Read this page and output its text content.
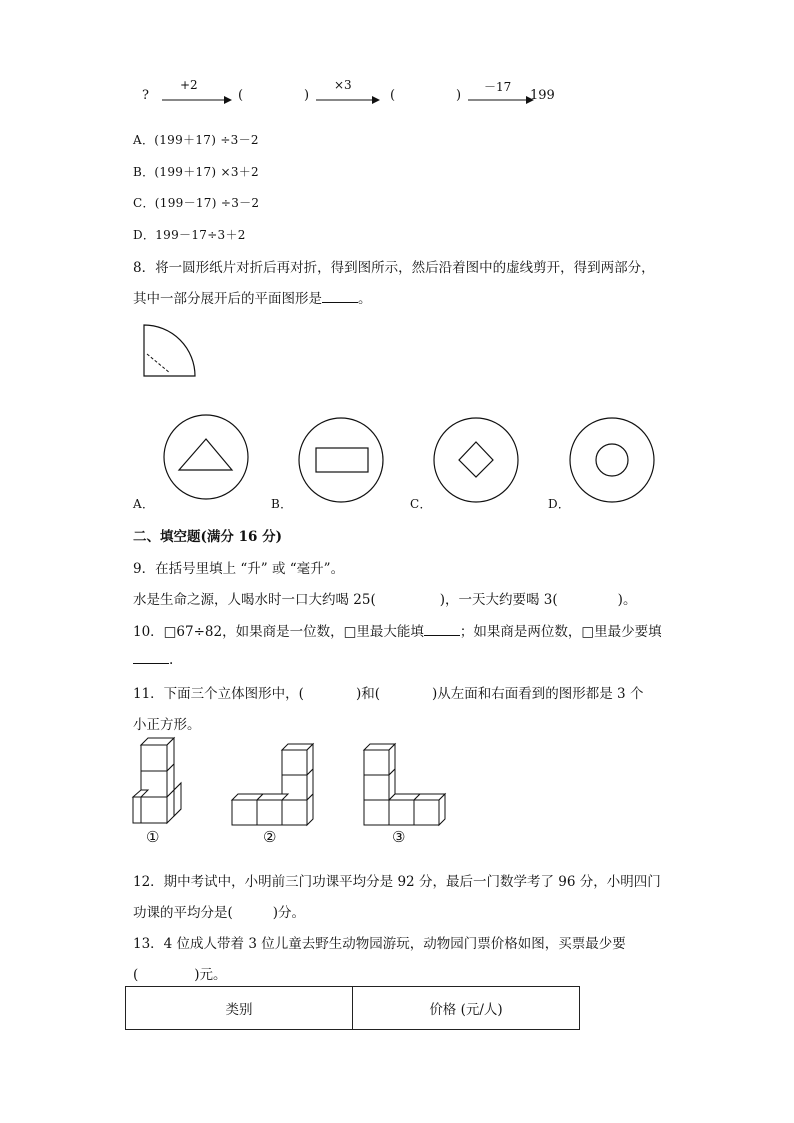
?
+2
(	)
×3
(	)
－17
199
A．(199＋17) ÷3－2
B．(199＋17) ×3＋2
C．(199－17) ÷3－2
D．199－17÷3＋2
8．将一圆形纸片对折后再对折，得到图所示，然后沿着图中的虚线剪开，得到两部分，
其中一部分展开后的平面图形是	。
A．	B．	C．	D．
二、填空题(满分 16 分)
9．在括号里填上 “升” 或 “毫升”。
水是生命之源，人喝水时一口大约喝 25(	)，一天大约要喝 3(	)。
10．□67÷82，如果商是一位数，□里最大能填	；如果商是两位数，□里最少要填
.
11．下面三个立体图形中，(	)和(	)从左面和右面看到的图形都是 3 个
小正方形。
①	②	③
12．期中考试中，小明前三门功课平均分是 92 分，最后一门数学考了 96 分，小明四门
功课的平均分是(	)分。
13．4 位成人带着 3 位儿童去野生动物园游玩，动物园门票价格如图，买票最少要
(	)元。
类别	价格 (元/人)
